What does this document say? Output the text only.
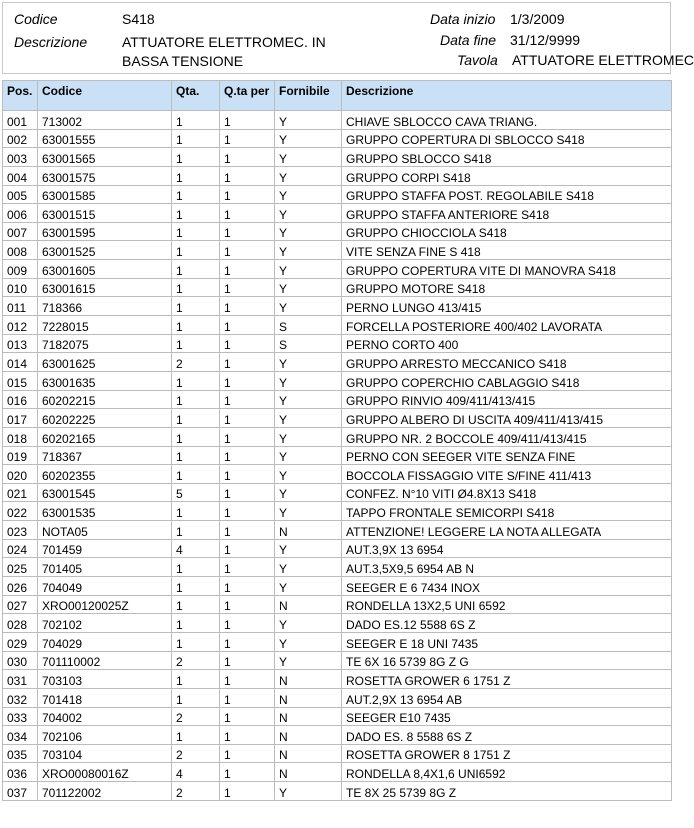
Codice	S418
Descrizione ATTUATORE ELETTROMEC. IN
BASSA TENSIONE
Data inizio 1/3/2009
Data fine 31/12/9999
Tavola ATTUATORE ELETTROMEC
Pos.	Codice	Qta.	Q.ta per	Fornibile	Descrizione
001	713002	1	1	Y	CHIAVE SBLOCCO CAVA TRIANG.
002	63001555	1	1	Y	GRUPPO COPERTURA DI SBLOCCO S418
003	63001565	1	1	Y	GRUPPO SBLOCCO S418
004	63001575	1	1	Y	GRUPPO CORPI S418
005	63001585	1	1	Y	GRUPPO STAFFA POST. REGOLABILE S418
006	63001515	1	1	Y	GRUPPO STAFFA ANTERIORE S418
007	63001595	1	1	Y	GRUPPO CHIOCCIOLA S418
008	63001525	1	1	Y	VITE SENZA FINE S 418
009	63001605	1	1	Y	GRUPPO COPERTURA VITE DI MANOVRA S418
010	63001615	1	1	Y	GRUPPO MOTORE S418
011	718366	1	1	Y	PERNO LUNGO 413/415
012	7228015	1	1	S	FORCELLA POSTERIORE 400/402 LAVORATA
013	7182075	1	1	S	PERNO CORTO 400
014	63001625	2	1	Y	GRUPPO ARRESTO MECCANICO S418
015	63001635	1	1	Y	GRUPPO COPERCHIO CABLAGGIO S418
016	60202215	1	1	Y	GRUPPO RINVIO 409/411/413/415
017	60202225	1	1	Y	GRUPPO ALBERO DI USCITA 409/411/413/415
018	60202165	1	1	Y	GRUPPO NR. 2 BOCCOLE 409/411/413/415
019	718367	1	1	Y	PERNO CON SEEGER VITE SENZA FINE
020	60202355	1	1	Y	BOCCOLA FISSAGGIO VITE S/FINE 411/413
021	63001545	5	1	Y	CONFEZ. N°10 VITI Ø4.8X13 S418
022	63001535	1	1	Y	TAPPO FRONTALE SEMICORPI S418
023	NOTA05	1	1	N	ATTENZIONE! LEGGERE LA NOTA ALLEGATA
024	701459	4	1	Y	AUT.3,9X 13 6954
025	701405	1	1	Y	AUT.3,5X9,5 6954 AB N
026	704049	1	1	Y	SEEGER E 6 7434 INOX
027	XRO00120025Z	1	1	N	RONDELLA 13X2,5 UNI 6592
028	702102	1	1	Y	DADO ES.12 5588 6S Z
029	704029	1	1	Y	SEEGER E 18 UNI 7435
030	701110002	2	1	Y	TE 6X 16 5739 8G Z G
031	703103	1	1	N	ROSETTA GROWER 6 1751 Z
032	701418	1	1	N	AUT.2,9X 13 6954 AB
033	704002	2	1	N	SEEGER E10 7435
034	702106	1	1	N	DADO ES. 8 5588 6S Z
035	703104	2	1	N	ROSETTA GROWER 8 1751 Z
036	XRO00080016Z	4	1	N	RONDELLA 8,4X1,6 UNI6592
037	701122002	2	1	Y	TE 8X 25 5739 8G Z
